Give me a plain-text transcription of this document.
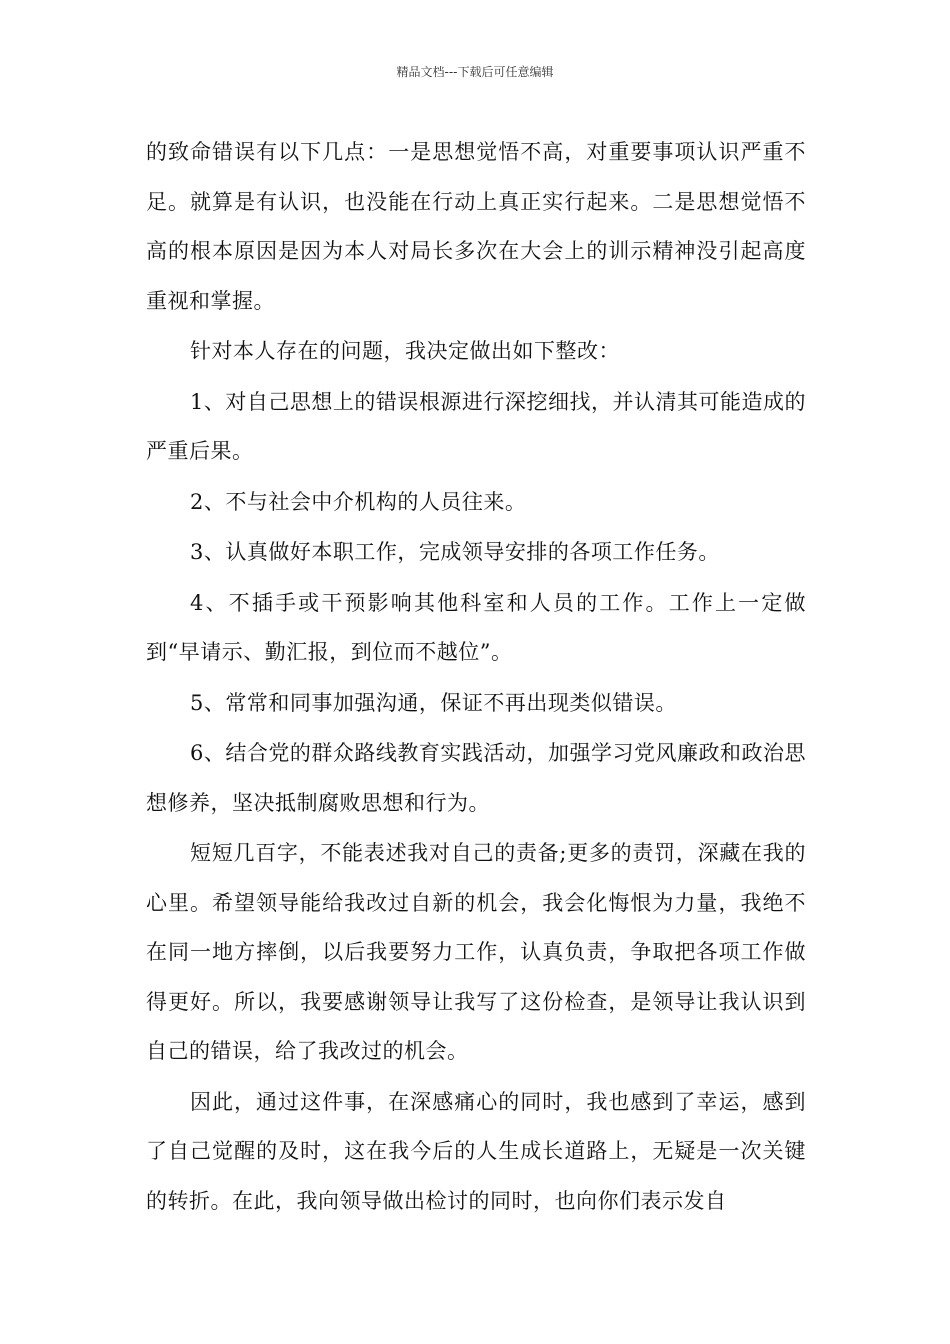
精品文档---下载后可任意编辑

的致命错误有以下几点：一是思想觉悟不高，对重要事项认识严重不足。就算是有认识，也没能在行动上真正实行起来。二是思想觉悟不高的根本原因是因为本人对局长多次在大会上的训示精神没引起高度重视和掌握。

针对本人存在的问题，我决定做出如下整改：

1、对自己思想上的错误根源进行深挖细找，并认清其可能造成的严重后果。

2、不与社会中介机构的人员往来。

3、认真做好本职工作，完成领导安排的各项工作任务。

4、不插手或干预影响其他科室和人员的工作。工作上一定做到“早请示、勤汇报，到位而不越位”。

5、常常和同事加强沟通，保证不再出现类似错误。

6、结合党的群众路线教育实践活动，加强学习党风廉政和政治思想修养，坚决抵制腐败思想和行为。

短短几百字，不能表述我对自己的责备;更多的责罚，深藏在我的心里。希望领导能给我改过自新的机会，我会化悔恨为力量，我绝不在同一地方摔倒，以后我要努力工作，认真负责，争取把各项工作做得更好。所以，我要感谢领导让我写了这份检查，是领导让我认识到自己的错误，给了我改过的机会。

因此，通过这件事，在深感痛心的同时，我也感到了幸运，感到了自己觉醒的及时，这在我今后的人生成长道路上，无疑是一次关键的转折。在此，我向领导做出检讨的同时，也向你们表示发自
